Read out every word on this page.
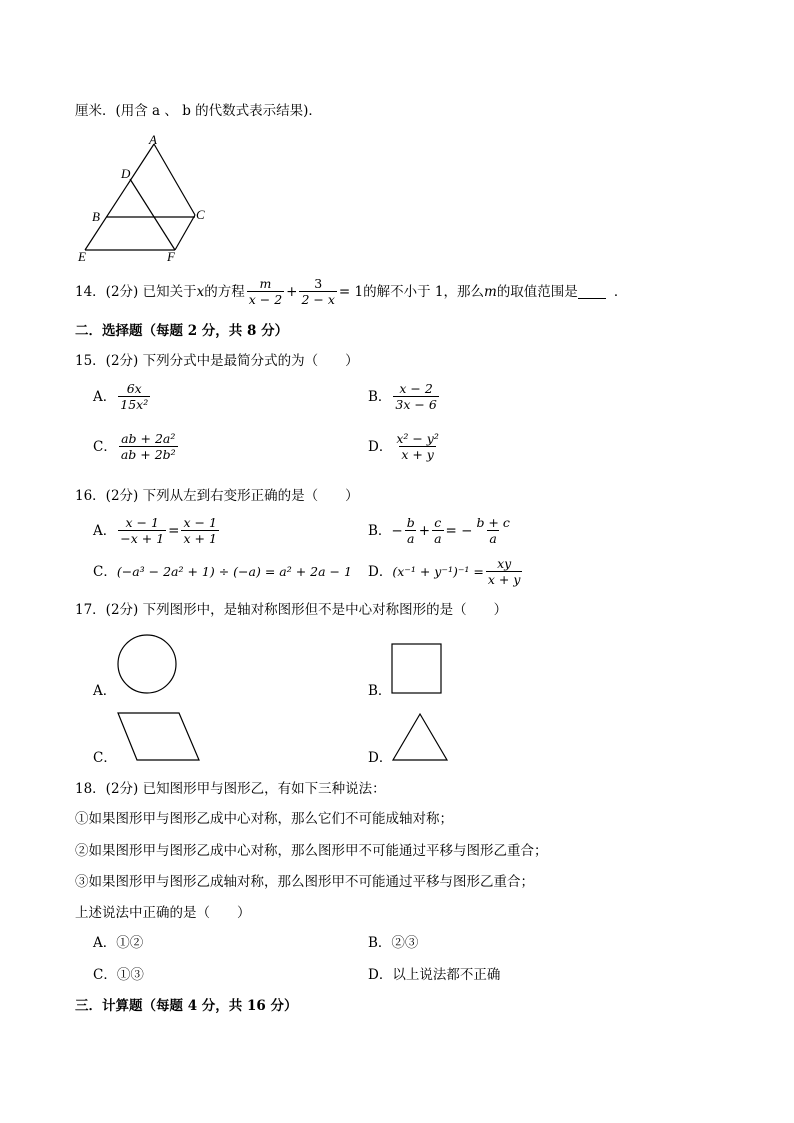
厘米．(用含 a 、 b 的代数式表示结果)．
A
D
B	C
E	F
14．(2分) 已知关于 x 的方程 $\frac{m}{x - 2} + \frac{3}{2 - x} = 1$ 的解不小于 1，那么 m 的取值范围是	．
二．选择题（每题 2 分，共 8 分）
15．(2分) 下列分式中是最简分式的为（　　）
A． $\frac{6x}{\text{15x²}}$	B． $\frac{x - 2}{3x - 6}$
C． $\frac{\text{ab + 2a²}}{\text{ab + 2b²}}$	D． $\frac{\text{x² − y²}}{x + y}$
16．(2分) 下列从左到右变形正确的是（　　）
A． $\frac{x - 1}{-x + 1} = \frac{x - 1}{x + 1}$	B． − $\frac{b}{a} + \frac{c}{a}$ = − $\frac{b + c}{a}$
C． (−a³ − 2a² + 1) ÷ (−a) = a² + 2a − 1 D． $(x^{-1} + y^{-1})^{-1} = \frac{xy}{x + y}$
17．(2分) 下列图形中，是轴对称图形但不是中心对称图形的是（　　）
A．	B．
C．	D．
18．(2分) 已知图形甲与图形乙，有如下三种说法：
①如果图形甲与图形乙成中心对称，那么它们不可能成轴对称；
②如果图形甲与图形乙成中心对称，那么图形甲不可能通过平移与图形乙重合；
③如果图形甲与图形乙成轴对称，那么图形甲不可能通过平移与图形乙重合；
上述说法中正确的是（　　）
A．①②	B．②③
C．①③	D．以上说法都不正确
三．计算题（每题 4 分，共 16 分）
